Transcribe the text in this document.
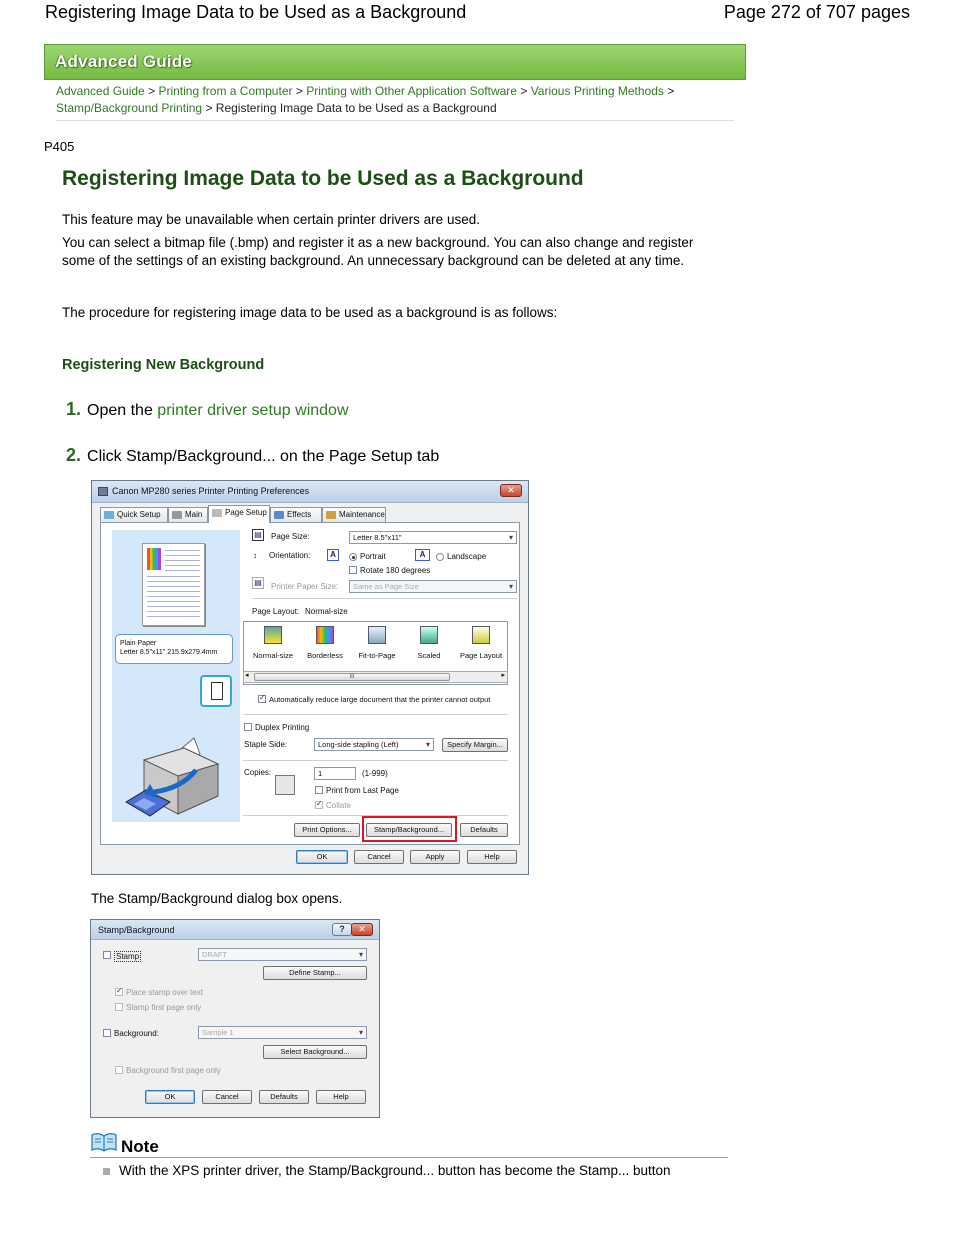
Registering Image Data to be Used as a Background	Page 272 of 707 pages
Advanced Guide
Advanced Guide > Printing from a Computer > Printing with Other Application Software > Various Printing Methods >
Stamp/Background Printing > Registering Image Data to be Used as a Background
P405
Registering Image Data to be Used as a Background
This feature may be unavailable when certain printer drivers are used.
You can select a bitmap file (.bmp) and register it as a new background. You can also change and register some of the settings of an existing background. An unnecessary background can be deleted at any time.
The procedure for registering image data to be used as a background is as follows:
Registering New Background
1. Open the printer driver setup window
2. Click Stamp/Background... on the Page Setup tab
Canon MP280 series Printer Printing Preferences	✕
Quick Setup	Main	Page Setup	Effects	Maintenance
Plain Paper
Letter 8.5"x11" 215.9x279.4mm
▤ Page Size:	Letter 8.5"x11" ▾
↕ Orientation:	A	Portrait	A	Landscape
Rotate 180 degrees
▤ Printer Paper Size:	Same as Page Size ▾
Page Layout: Normal-size
Normal-size	Borderless	Fit-to-Page	Scaled	Page Layout
◂	III	▸
✓
Automatically reduce large document that the printer cannot output
Duplex Printing
Staple Side:	Long-side stapling (Left) ▾	Specify Margin...
Copies:	1	(1-999)
Print from Last Page
✓
Collate
Print Options...	Stamp/Background...	Defaults
OK	Cancel	Apply	Help
The Stamp/Background dialog box opens.
Stamp/Background	?	✕
Stamp	DRAFT ▾
Define Stamp...
✓
Place stamp over text
Stamp first page only
Background:	Sample 1 ▾
Select Background...
Background first page only
OK	Cancel	Defaults	Help
Note
With the XPS printer driver, the Stamp/Background... button has become the Stamp... button
